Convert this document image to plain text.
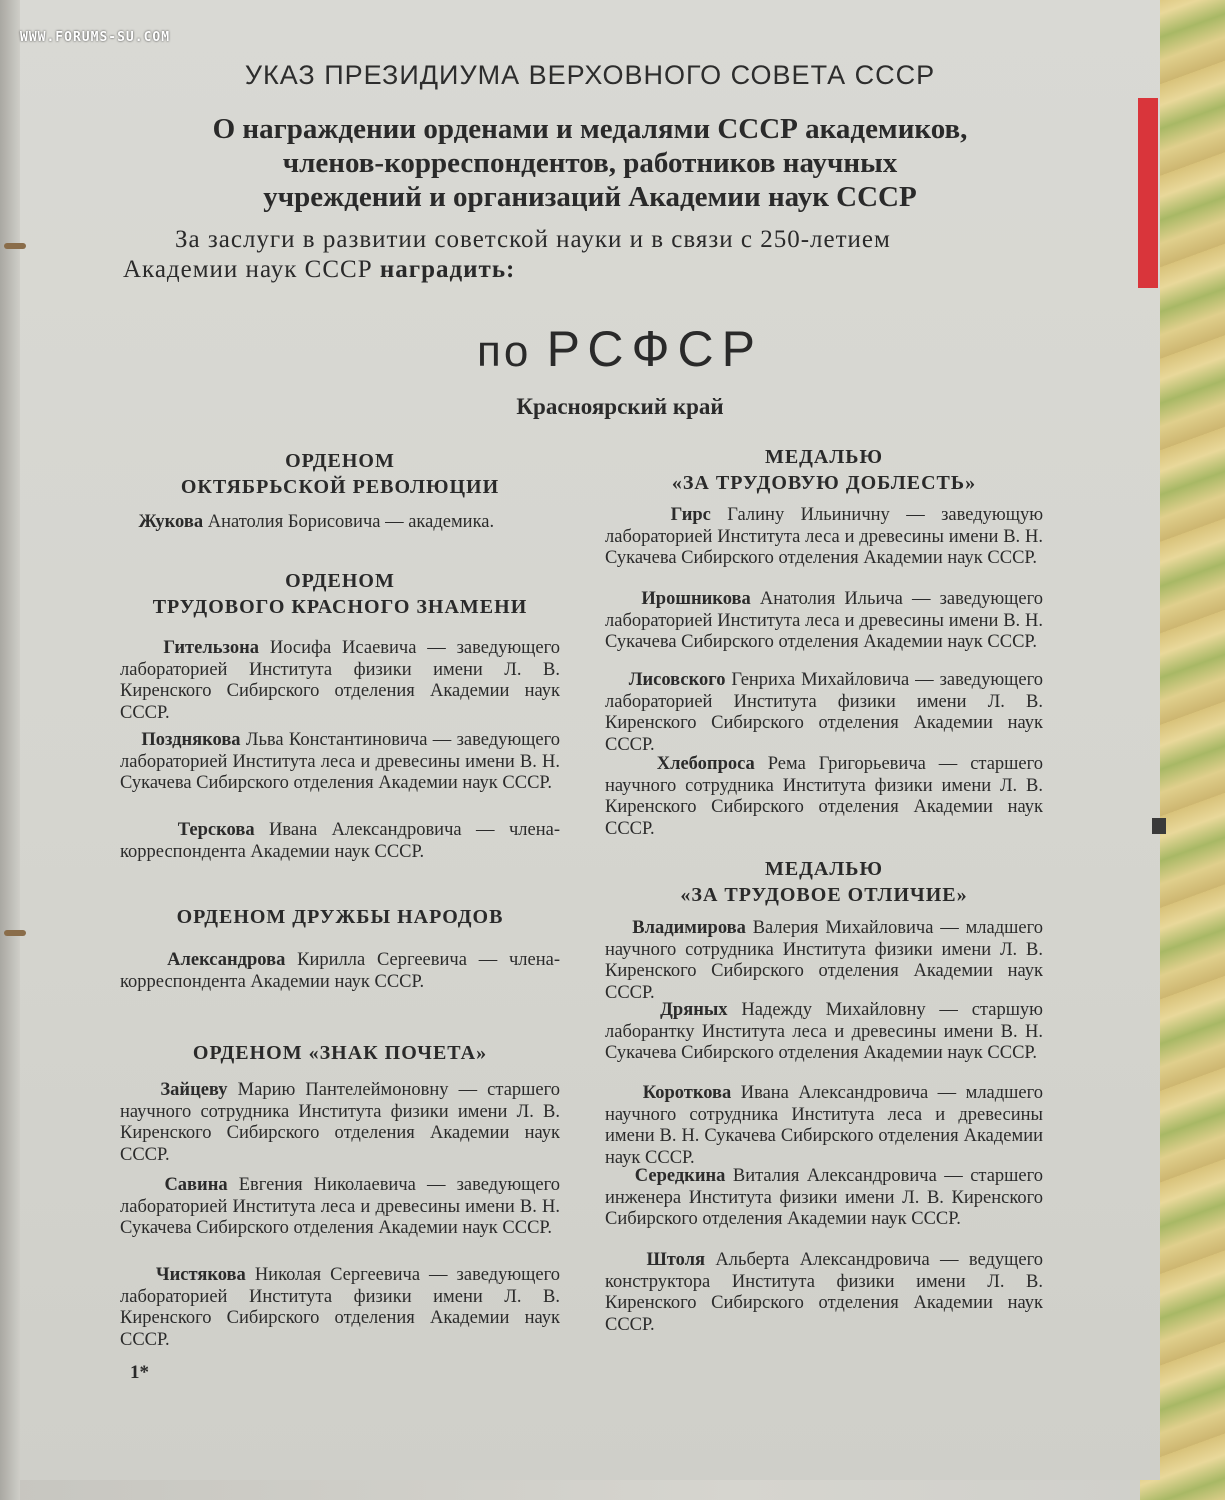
УКАЗ ПРЕЗИДИУМА ВЕРХОВНОГО СОВЕТА СССР
О награждении орденами и медалями СССР академиков,
членов-корреспондентов, работников научных
учреждений и организаций Академии наук СССР
За заслуги в развитии советской науки и в связи с 250-летием
Академии наук СССР наградить:
по РСФСР
Красноярский край
ОРДЕНОМ
ОКТЯБРЬСКОЙ РЕВОЛЮЦИИ
Жукова Анатолия Борисовича — академика.
ОРДЕНОМ
ТРУДОВОГО КРАСНОГО ЗНАМЕНИ
Гительзона Иосифа Исаевича — заведующего лабораторией Института физики имени Л. В. Киренского Сибирского отделения Академии наук СССР.
Позднякова Льва Константиновича — заведующего лабораторией Института леса и древесины имени В. Н. Сукачева Сибирского отделения Академии наук СССР.
Терскова Ивана Александровича — члена-корреспондента Академии наук СССР.
ОРДЕНОМ ДРУЖБЫ НАРОДОВ
Александрова Кирилла Сергеевича — члена-корреспондента Академии наук СССР.
ОРДЕНОМ «ЗНАК ПОЧЕТА»
Зайцеву Марию Пантелеймоновну — старшего научного сотрудника Института физики имени Л. В. Киренского Сибирского отделения Академии наук СССР.
Савина Евгения Николаевича — заведующего лабораторией Института леса и древесины имени В. Н. Сукачева Сибирского отделения Академии наук СССР.
Чистякова Николая Сергеевича — заведующего лабораторией Института физики имени Л. В. Киренского Сибирского отделения Академии наук СССР.
МЕДАЛЬЮ
«ЗА ТРУДОВУЮ ДОБЛЕСТЬ»
Гирс Галину Ильиничну — заведующую лабораторией Института леса и древесины имени В. Н. Сукачева Сибирского отделения Академии наук СССР.
Ирошникова Анатолия Ильича — заведующего лабораторией Института леса и древесины имени В. Н. Сукачева Сибирского отделения Академии наук СССР.
Лисовского Генриха Михайловича — заведующего лабораторией Института физики имени Л. В. Киренского Сибирского отделения Академии наук СССР.
Хлебопроса Рема Григорьевича — старшего научного сотрудника Института физики имени Л. В. Киренского Сибирского отделения Академии наук СССР.
МЕДАЛЬЮ
«ЗА ТРУДОВОЕ ОТЛИЧИЕ»
Владимирова Валерия Михайловича — младшего научного сотрудника Института физики имени Л. В. Киренского Сибирского отделения Академии наук СССР.
Дряных Надежду Михайловну — старшую лаборантку Института леса и древесины имени В. Н. Сукачева Сибирского отделения Академии наук СССР.
Короткова Ивана Александровича — младшего научного сотрудника Института леса и древесины имени В. Н. Сукачева Сибирского отделения Академии наук СССР.
Середкина Виталия Александровича — старшего инженера Института физики имени Л. В. Киренского Сибирского отделения Академии наук СССР.
Штоля Альберта Александровича — ведущего конструктора Института физики имени Л. В. Киренского Сибирского отделения Академии наук СССР.
1*
WWW.FORUMS-SU.COM
